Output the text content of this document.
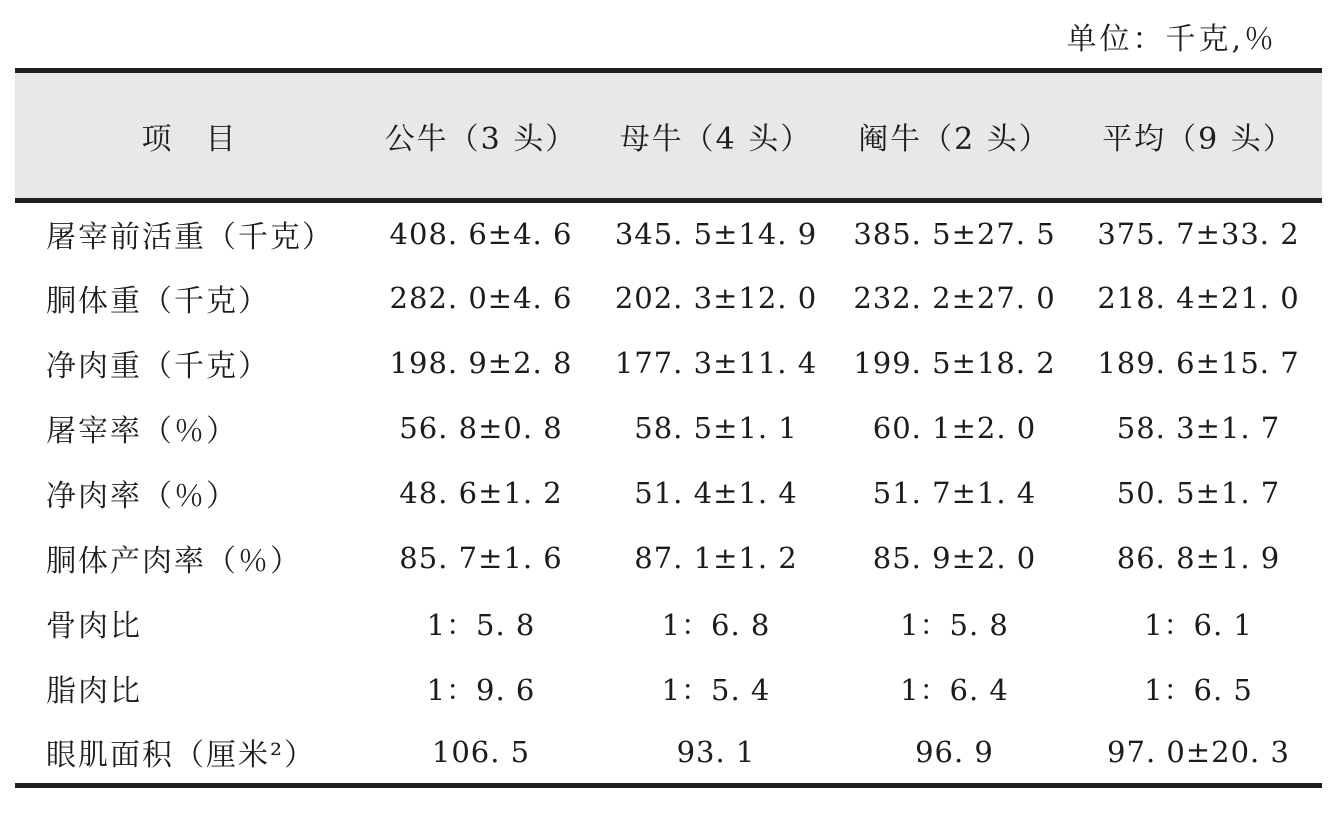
单位：千克,％
项　目	公牛（3 头）	母牛（4 头）	阉牛（2 头）	平均（9 头）
屠宰前活重（千克）	408. 6±4. 6	345. 5±14. 9	385. 5±27. 5	375. 7±33. 2
胴体重（千克）	282. 0±4. 6	202. 3±12. 0	232. 2±27. 0	218. 4±21. 0
净肉重（千克）	198. 9±2. 8	177. 3±11. 4	199. 5±18. 2	189. 6±15. 7
屠宰率（％）	56. 8±0. 8	58. 5±1. 1	60. 1±2. 0	58. 3±1. 7
净肉率（％）	48. 6±1. 2	51. 4±1. 4	51. 7±1. 4	50. 5±1. 7
胴体产肉率（％）	85. 7±1. 6	87. 1±1. 2	85. 9±2. 0	86. 8±1. 9
骨肉比	1：5. 8	1：6. 8	1：5. 8	1：6. 1
脂肉比	1：9. 6	1：5. 4	1：6. 4	1：6. 5
眼肌面积（厘米²）	106. 5	93. 1	96. 9	97. 0±20. 3
